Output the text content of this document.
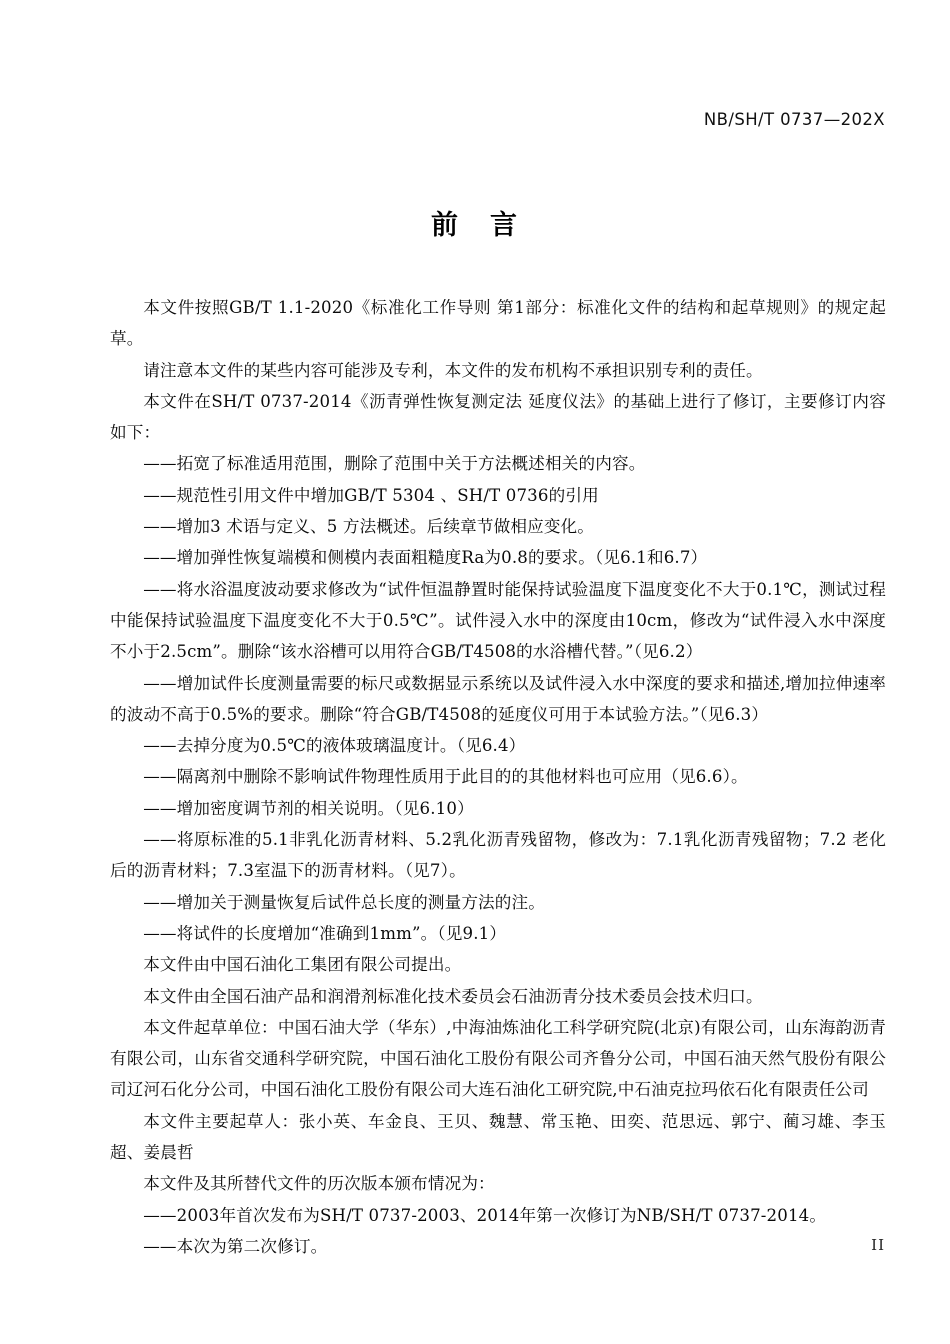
NB/SH/T 0737—202X
前 言

本文件按照GB/T 1.1-2020《标准化工作导则 第1部分：标准化文件的结构和起草规则》的规定起草。

请注意本文件的某些内容可能涉及专利，本文件的发布机构不承担识别专利的责任。

本文件在SH/T 0737-2014《沥青弹性恢复测定法 延度仪法》的基础上进行了修订，主要修订内容如下：

——拓宽了标准适用范围，删除了范围中关于方法概述相关的内容。

——规范性引用文件中增加GB/T 5304 、SH/T 0736的引用

——增加3 术语与定义、5 方法概述。后续章节做相应变化。

——增加弹性恢复端模和侧模内表面粗糙度Ra为0.8的要求。（见6.1和6.7）

——将水浴温度波动要求修改为“试件恒温静置时能保持试验温度下温度变化不大于0.1℃，测试过程中能保持试验温度下温度变化不大于0.5℃”。试件浸入水中的深度由10cm，修改为“试件浸入水中深度不小于2.5cm”。删除“该水浴槽可以用符合GB/T4508的水浴槽代替。”（见6.2）

——增加试件长度测量需要的标尺或数据显示系统以及试件浸入水中深度的要求和描述,增加拉伸速率的波动不高于0.5%的要求。删除“符合GB/T4508的延度仪可用于本试验方法。”（见6.3）

——去掉分度为0.5℃的液体玻璃温度计。（见6.4）

——隔离剂中删除不影响试件物理性质用于此目的的其他材料也可应用（见6.6）。

——增加密度调节剂的相关说明。（见6.10）

——将原标准的5.1非乳化沥青材料、5.2乳化沥青残留物，修改为：7.1乳化沥青残留物；7.2 老化后的沥青材料；7.3室温下的沥青材料。（见7）。

——增加关于测量恢复后试件总长度的测量方法的注。

——将试件的长度增加“准确到1mm”。（见9.1）

本文件由中国石油化工集团有限公司提出。

本文件由全国石油产品和润滑剂标准化技术委员会石油沥青分技术委员会技术归口。

本文件起草单位：中国石油大学（华东）,中海油炼油化工科学研究院(北京)有限公司，山东海韵沥青有限公司，山东省交通科学研究院，中国石油化工股份有限公司齐鲁分公司，中国石油天然气股份有限公司辽河石化分公司，中国石油化工股份有限公司大连石油化工研究院,中石油克拉玛依石化有限责任公司

本文件主要起草人：张小英、车金良、王贝、魏慧、常玉艳、田奕、范思远、郭宁、蔺习雄、李玉超、姜晨哲

本文件及其所替代文件的历次版本颁布情况为：

——2003年首次发布为SH/T 0737-2003、2014年第一次修订为NB/SH/T 0737-2014。

——本次为第二次修订。	II
